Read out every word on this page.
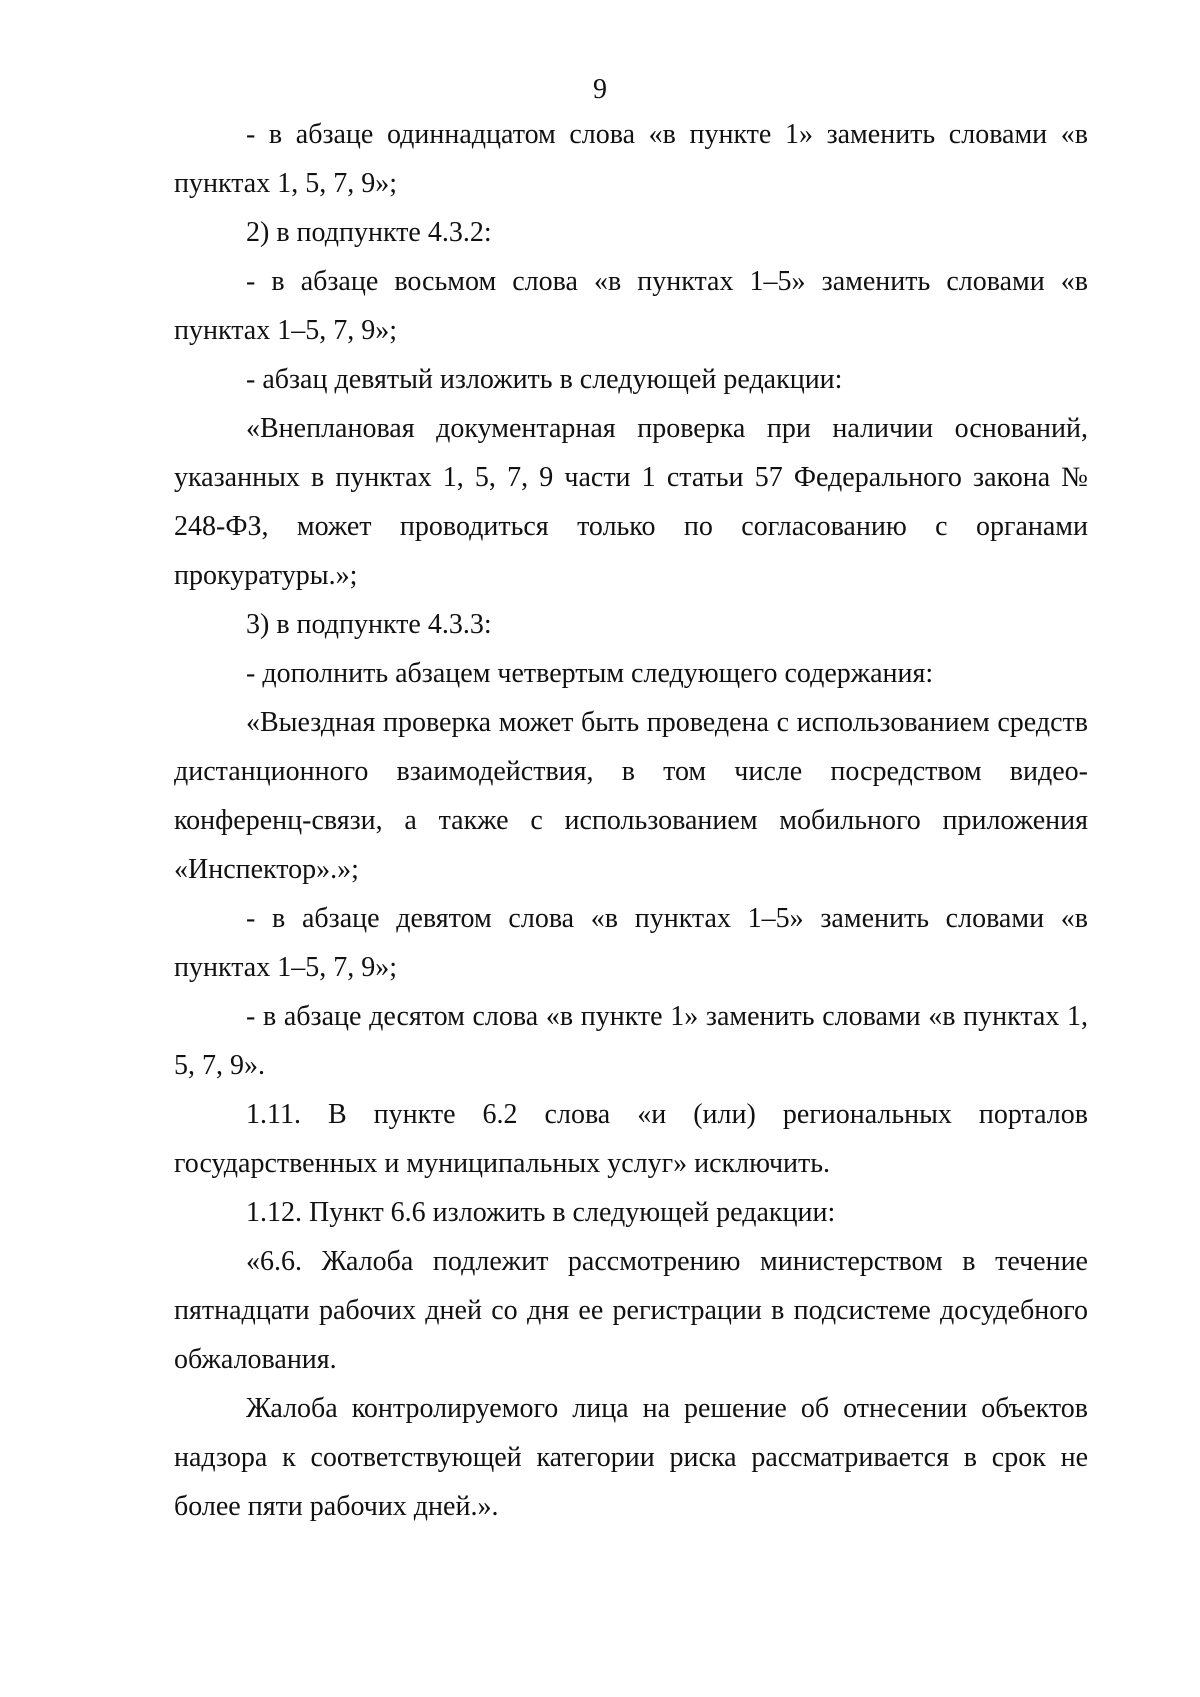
9

- в абзаце одиннадцатом слова «в пункте 1» заменить словами «в пунктах 1, 5, 7, 9»;

2) в подпункте 4.3.2:

- в абзаце восьмом слова «в пунктах 1–5» заменить словами «в пунктах 1–5, 7, 9»;

- абзац девятый изложить в следующей редакции:

«Внеплановая документарная проверка при наличии оснований, указанных в пунктах 1, 5, 7, 9 части 1 статьи 57 Федерального закона № 248-ФЗ, может проводиться только по согласованию с органами прокуратуры.»;

3) в подпункте 4.3.3:

- дополнить абзацем четвертым следующего содержания:

«Выездная проверка может быть проведена с использованием средств дистанционного взаимодействия, в том числе посредством видео-конференц-связи, а также с использованием мобильного приложения «Инспектор».»;

- в абзаце девятом слова «в пунктах 1–5» заменить словами «в пунктах 1–5, 7, 9»;

- в абзаце десятом слова «в пункте 1» заменить словами «в пунктах 1, 5, 7, 9».

1.11. В пункте 6.2 слова «и (или) региональных порталов государственных и муниципальных услуг» исключить.

1.12. Пункт 6.6 изложить в следующей редакции:

«6.6. Жалоба подлежит рассмотрению министерством в течение пятнадцати рабочих дней со дня ее регистрации в подсистеме досудебного обжалования.

Жалоба контролируемого лица на решение об отнесении объектов надзора к соответствующей категории риска рассматривается в срок не более пяти рабочих дней.».
